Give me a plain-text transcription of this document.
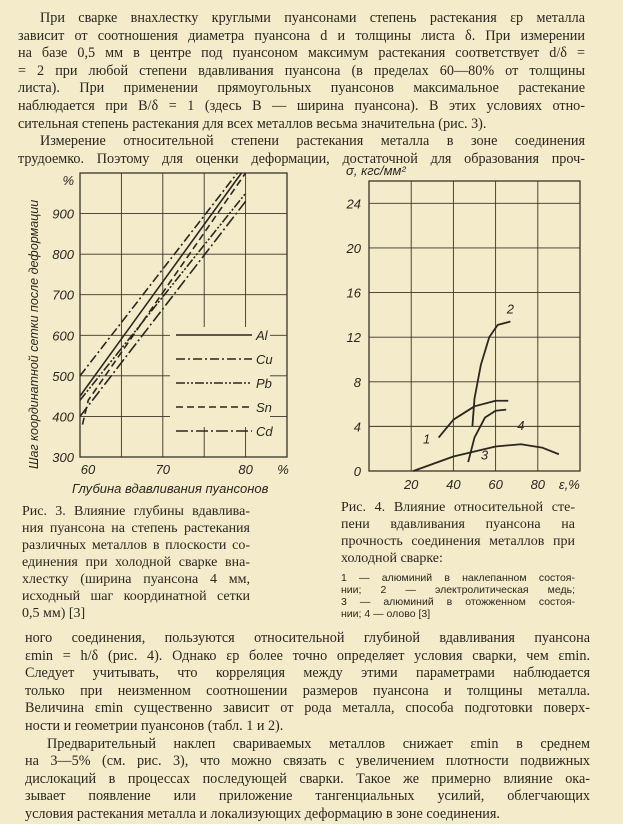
При сварке внахлестку круглыми пуансонами степень растекания εр металла
зависит от соотношения диаметра пуансона d и толщины листа δ. При измерении
на базе 0,5 мм в центре под пуансоном максимум растекания соответствует d/δ =
= 2 при любой степени вдавливания пуансона (в пределах 60—80% от толщины
листа). При применении прямоугольных пуансонов максимальное растекание
наблюдается при B/δ = 1 (здесь B — ширина пуансона). В этих условиях отно-
сительная степень растекания для всех металлов весьма значительна (рис. 3).
Измерение относительной степени растекания металла в зоне соединения
трудоемко. Поэтому для оценки деформации, достаточной для образования проч-
300
400
500
600
700
800
900
%
60	70	80 %
Глубина вдавливания пуансонов
Шаг координатной сетки после деформации	Al
Cu
Pb
Sn
Cd
0
4
8
12
16
20
24
20 40 60 80 ε,%
σ, кгс/мм²
1
2
3
4
Рис. 3. Влияние глубины вдавлива-
ния пуансона на степень растекания
различных металлов в плоскости со-
единения при холодной сварке вна-
хлестку (ширина пуансона 4 мм,
исходный шаг координатной сетки
0,5 мм) [3]
Рис. 4. Влияние относительной сте-
пени вдавливания пуансона на
прочность соединения металлов при
холодной сварке:
1 — алюминий в наклепанном состоя-
нии; 2 — электролитическая медь;
3 — алюминий в отожженном состоя-
нии; 4 — олово [3]
ного соединения, пользуются относительной глубиной вдавливания пуансона
εmin = h/δ (рис. 4). Однако εр более точно определяет условия сварки, чем εmin.
Следует учитывать, что корреляция между этими параметрами наблюдается
только при неизменном соотношении размеров пуансона и толщины металла.
Величина εmin существенно зависит от рода металла, способа подготовки поверх-
ности и геометрии пуансонов (табл. 1 и 2).
Предварительный наклеп свариваемых металлов снижает εmin в среднем
на 3—5% (см. рис. 3), что можно связать с увеличением плотности подвижных
дислокаций в процессах последующей сварки. Такое же примерно влияние ока-
зывает появление или приложение тангенциальных усилий, облегчающих
условия растекания металла и локализующих деформацию в зоне соединения.
